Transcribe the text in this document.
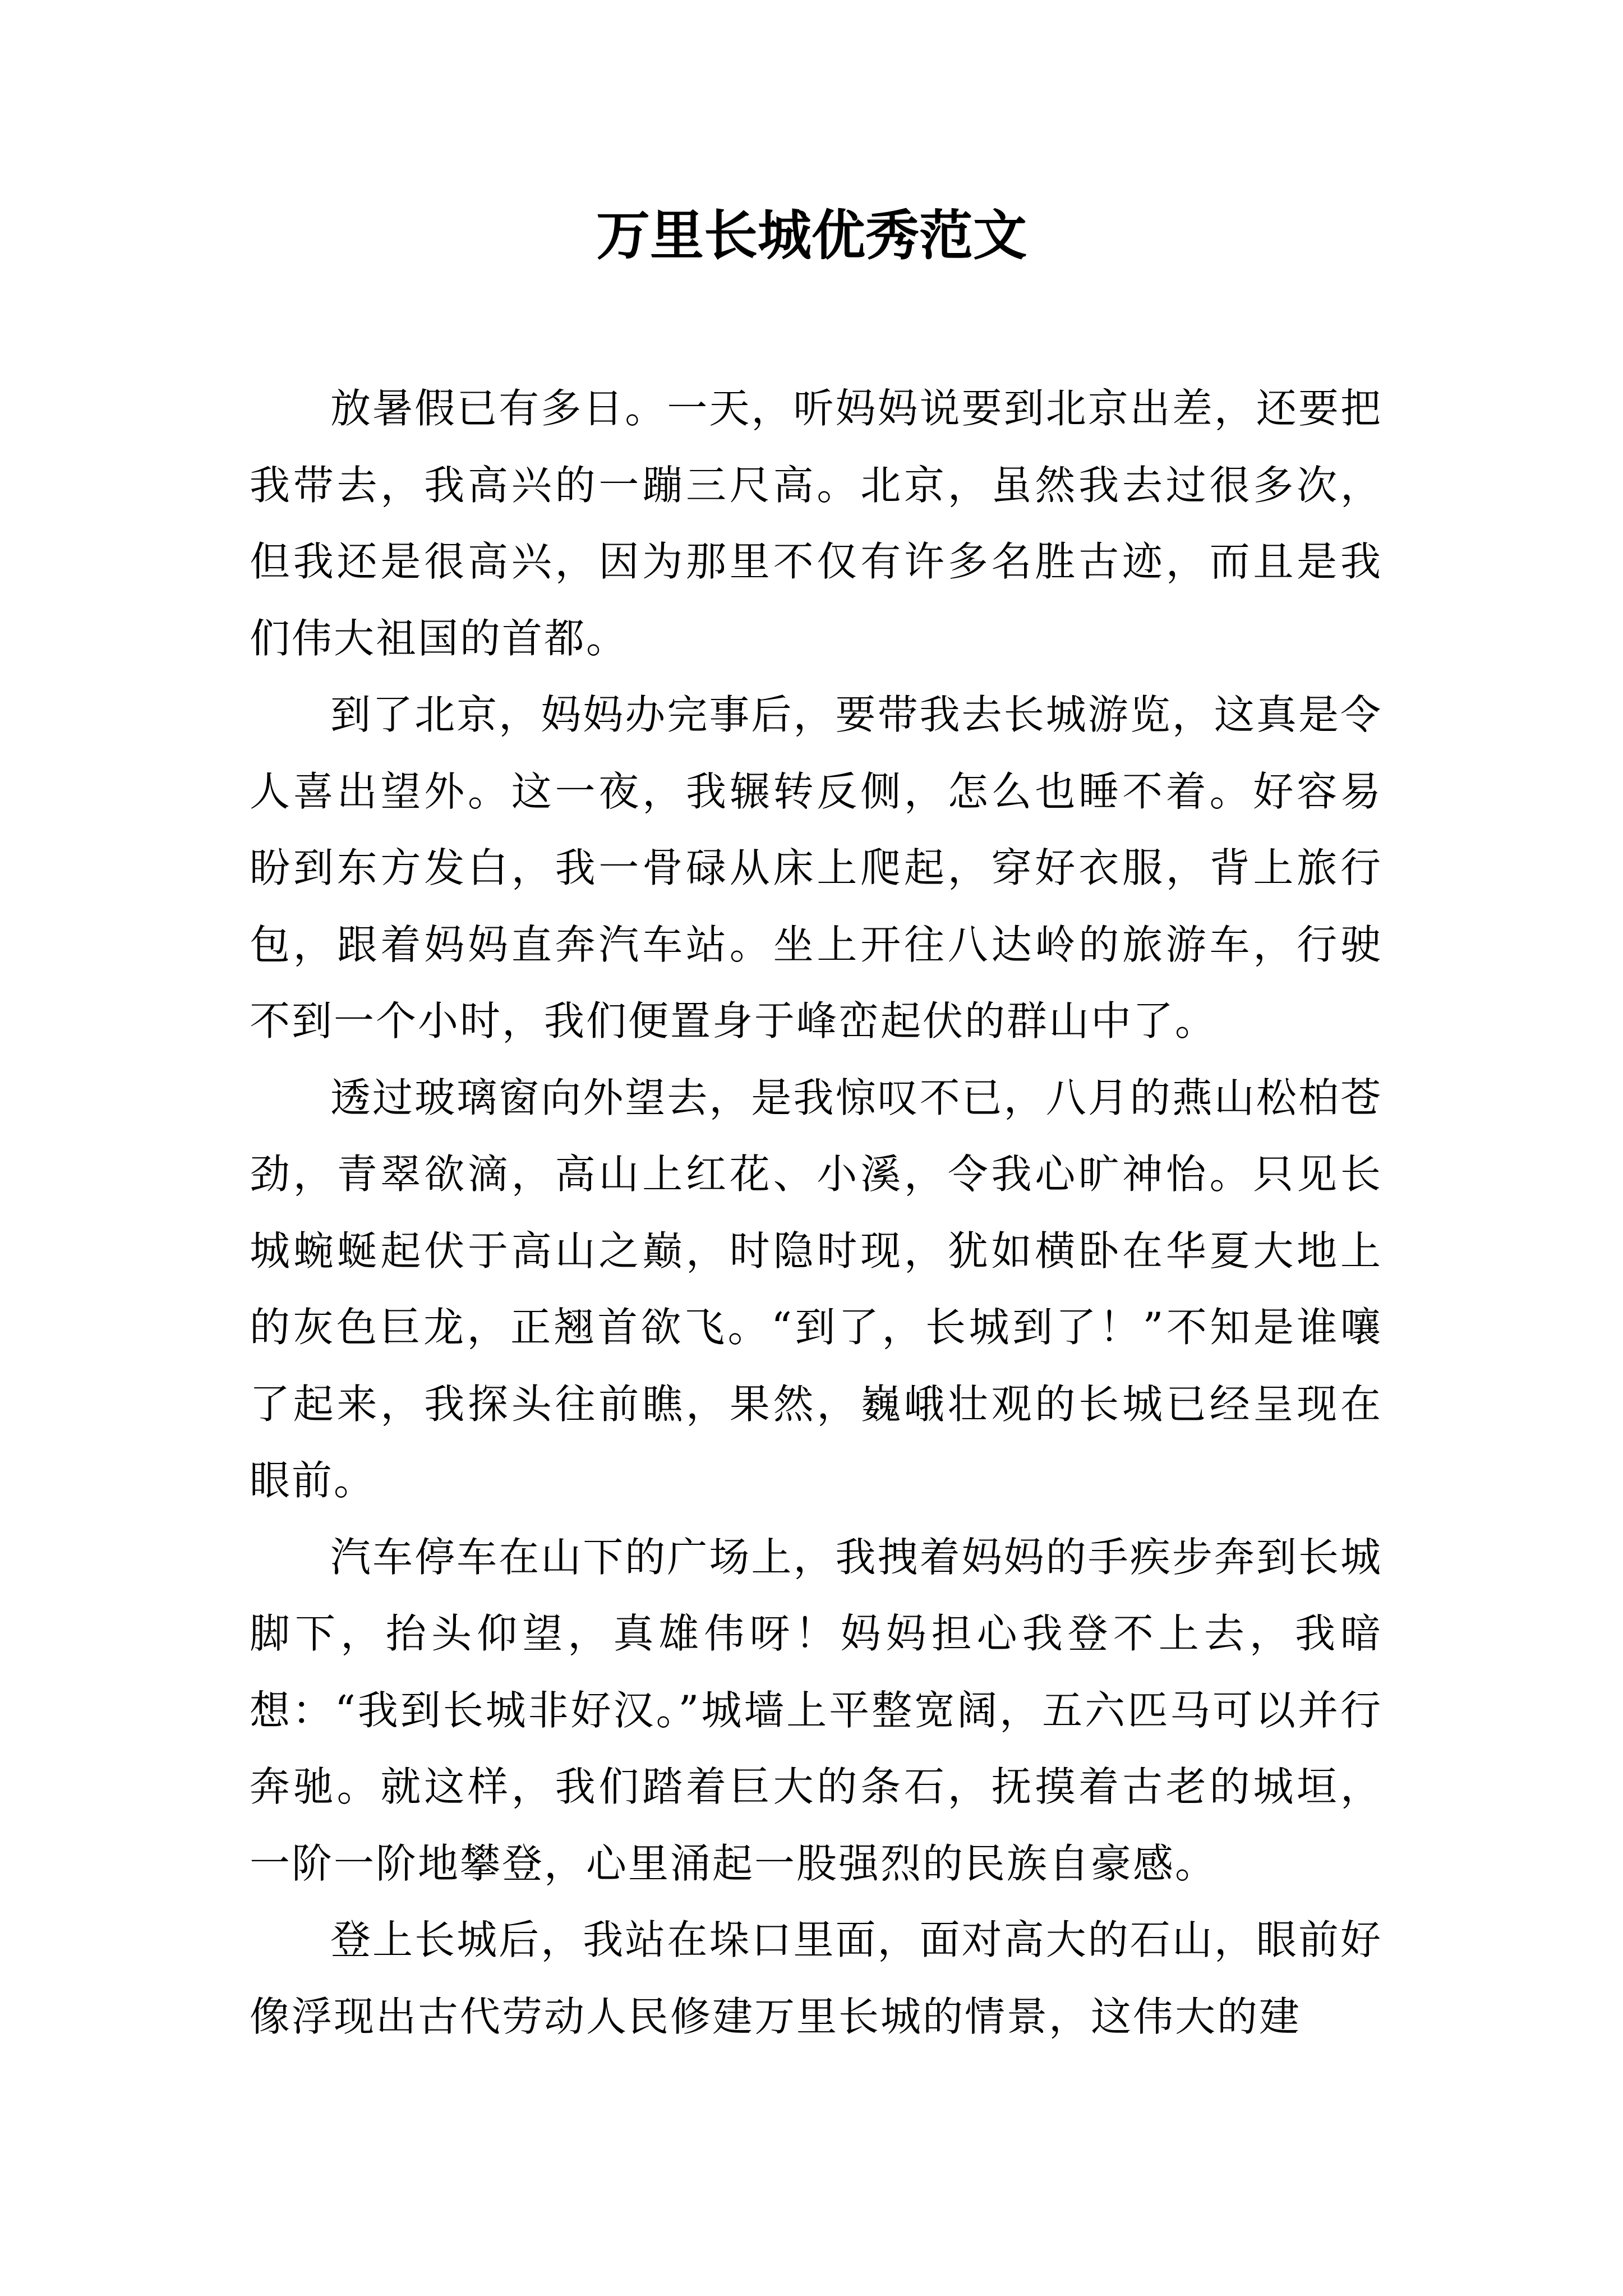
万里长城优秀范文

放暑假已有多日。一天，听妈妈说要到北京出差，还要把我带去，我高兴的一蹦三尺高。北京，虽然我去过很多次，但我还是很高兴，因为那里不仅有许多名胜古迹，而且是我们伟大祖国的首都。

到了北京，妈妈办完事后，要带我去长城游览，这真是令人喜出望外。这一夜，我辗转反侧，怎么也睡不着。好容易盼到东方发白，我一骨碌从床上爬起，穿好衣服，背上旅行包，跟着妈妈直奔汽车站。坐上开往八达岭的旅游车，行驶不到一个小时，我们便置身于峰峦起伏的群山中了。

透过玻璃窗向外望去，是我惊叹不已，八月的燕山松柏苍劲，青翠欲滴，高山上红花、小溪，令我心旷神怡。只见长城蜿蜒起伏于高山之巅，时隐时现，犹如横卧在华夏大地上的灰色巨龙，正翘首欲飞。“到了，长城到了！”不知是谁嚷了起来，我探头往前瞧，果然，巍峨壮观的长城已经呈现在眼前。

汽车停车在山下的广场上，我拽着妈妈的手疾步奔到长城脚下，抬头仰望，真雄伟呀！妈妈担心我登不上去，我暗想：“我到长城非好汉。”城墙上平整宽阔，五六匹马可以并行奔驰。就这样，我们踏着巨大的条石，抚摸着古老的城垣，一阶一阶地攀登，心里涌起一股强烈的民族自豪感。

登上长城后，我站在垛口里面，面对高大的石山，眼前好像浮现出古代劳动人民修建万里长城的情景，这伟大的建
